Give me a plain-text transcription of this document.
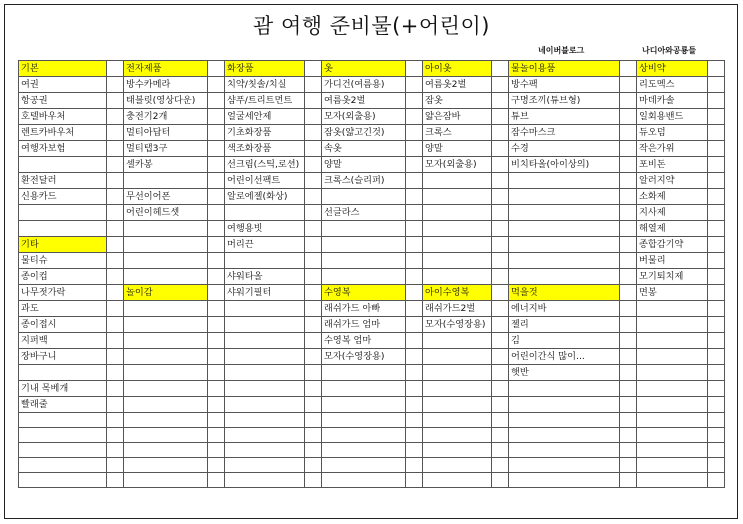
괌 여행 준비물(+어린이)
네이버블로그	나디아와공룡들
기본		전자제품		화장품		옷		아이옷		물놀이용품		상비약	
여권		방수카메라		치약/칫솔/치실		가디건(여름용)		여름옷2벌		방수팩		리도멕스	
항공권		태블릿(영상다운)		샴푸/트리트먼트		여름옷2벌		잠옷		구명조끼(튜브형)		마데카솔	
호텔바우처		충전기2개		얼굴세안제		모자(외출용)		얇은잠바		튜브		일회용밴드	
렌트카바우처		멀티아답터		기초화장품		잠옷(얇고긴것)		크록스		잠수마스크		듀오덤	
여행자보험		멀티탭3구		색조화장품		속옷		양말		수경		작은가위	
		셀카봉		선크림(스틱,로션)		양말		모자(외출용)		비치타올(아이상의)		포비돈	
환전달러				어린이선팩트		크록스(슬리퍼)						알러지약	
신용카드		무선이어폰		알로에젤(화상)								소화제	
		어린이헤드셋				선글라스						지사제	
				여행용빗								해열제	
기타				머리끈								종합감기약	
물티슈												버물리	
종이컵				샤워타올								모기퇴치제	
나무젓가락		놀이감		샤워기필터		수영복		아이수영복		먹을것		면봉	
과도						래쉬가드 아빠		래쉬가드2벌		에너지바			
종이접시						래쉬가드 엄마		모자(수영장용)		젤리			
지퍼백						수영복 엄마				김			
장바구니						모자(수영장용)				어린이간식 많이...			
										햇반			
기내 목베개													
빨래줄													
